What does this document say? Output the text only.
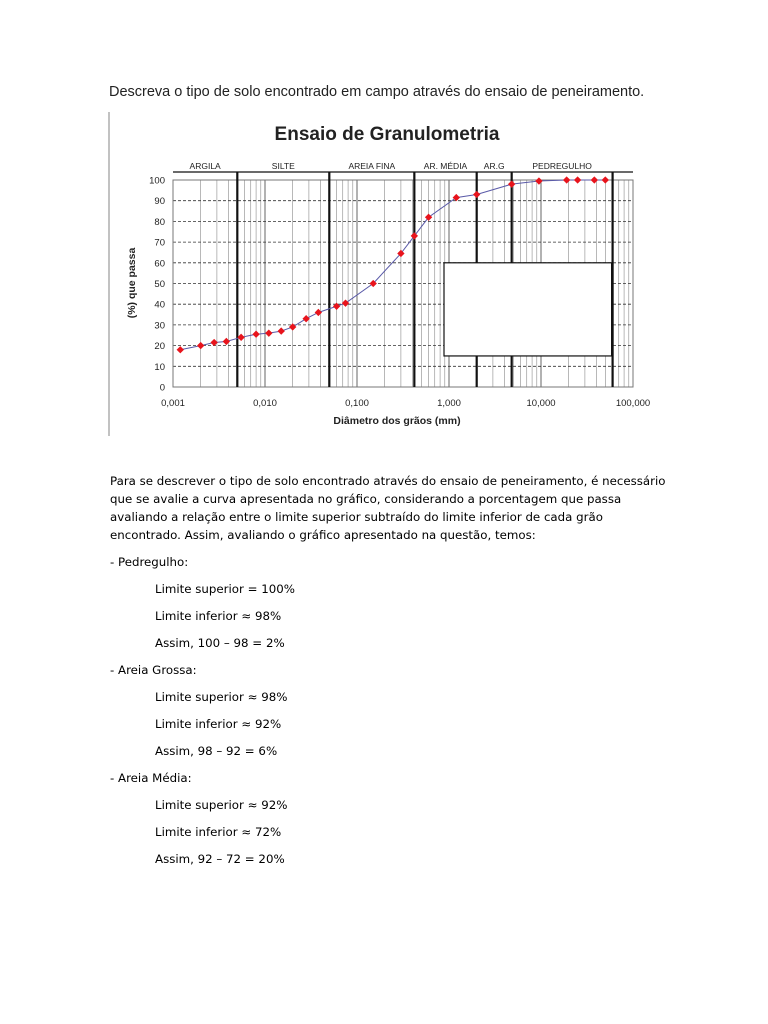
Descreva o tipo de solo encontrado em campo através do ensaio de peneiramento.
Ensaio de Granulometria
ARGILA	SILTE	AREIA FINA	AR. MÉDIA AR.G	PEDREGULHO
0
10
20
30
40
50
60
70
80
90
100
0,001	0,010	0,100	1,000	10,000	100,000
Diâmetro dos grãos (mm)
(%) que passa
Para se descrever o tipo de solo encontrado através do ensaio de peneiramento, é necessário
que se avalie a curva apresentada no gráfico, considerando a porcentagem que passa
avaliando a relação entre o limite superior subtraído do limite inferior de cada grão
encontrado. Assim, avaliando o gráfico apresentado na questão, temos:
- Pedregulho:
Limite superior = 100%
Limite inferior ≈ 98%
Assim, 100 – 98 = 2%
- Areia Grossa:
Limite superior ≈ 98%
Limite inferior ≈ 92%
Assim, 98 – 92 = 6%
- Areia Média:
Limite superior ≈ 92%
Limite inferior ≈ 72%
Assim, 92 – 72 = 20%
